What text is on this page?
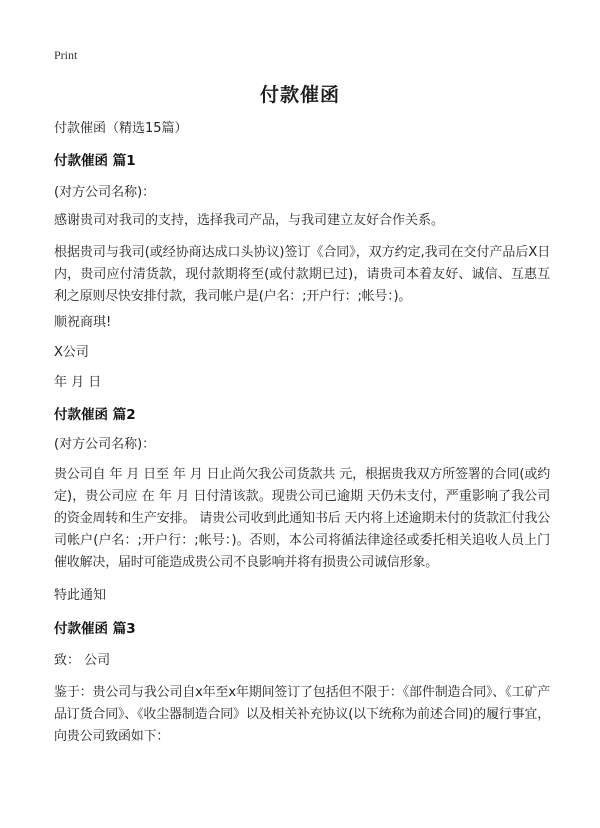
Print
付款催函

付款催函（精选15篇）

付款催函 篇1

(对方公司名称)：

感谢贵司对我司的支持，选择我司产品，与我司建立友好合作关系。

根据贵司与我司(或经协商达成口头协议)签订《合同》，双方约定,我司在交付产品后X日内，贵司应付清货款，现付款期将至(或付款期已过)，请贵司本着友好、诚信、互惠互利之原则尽快安排付款，我司帐户是(户名：;开户行：;帐号：)。

顺祝商琪!

X公司

年 月 日

付款催函 篇2

(对方公司名称)：

贵公司自 年 月 日至 年 月 日止尚欠我公司货款共 元，根据贵我双方所签署的合同(或约定)，贵公司应 在 年 月 日付清该款。现贵公司已逾期 天仍未支付，严重影响了我公司的资金周转和生产安排。 请贵公司收到此通知书后 天内将上述逾期未付的货款汇付我公司帐户(户名：;开户行：;帐号：)。否则，本公司将循法律途径或委托相关追收人员上门催收解决，届时可能造成贵公司不良影响并将有损贵公司诚信形象。

特此通知

付款催函 篇3

致： 公司

鉴于：贵公司与我公司自x年至x年期间签订了包括但不限于：《部件制造合同》、《工矿产品订货合同》、《收尘器制造合同》以及相关补充协议(以下统称为前述合同)的履行事宜，向贵公司致函如下：
